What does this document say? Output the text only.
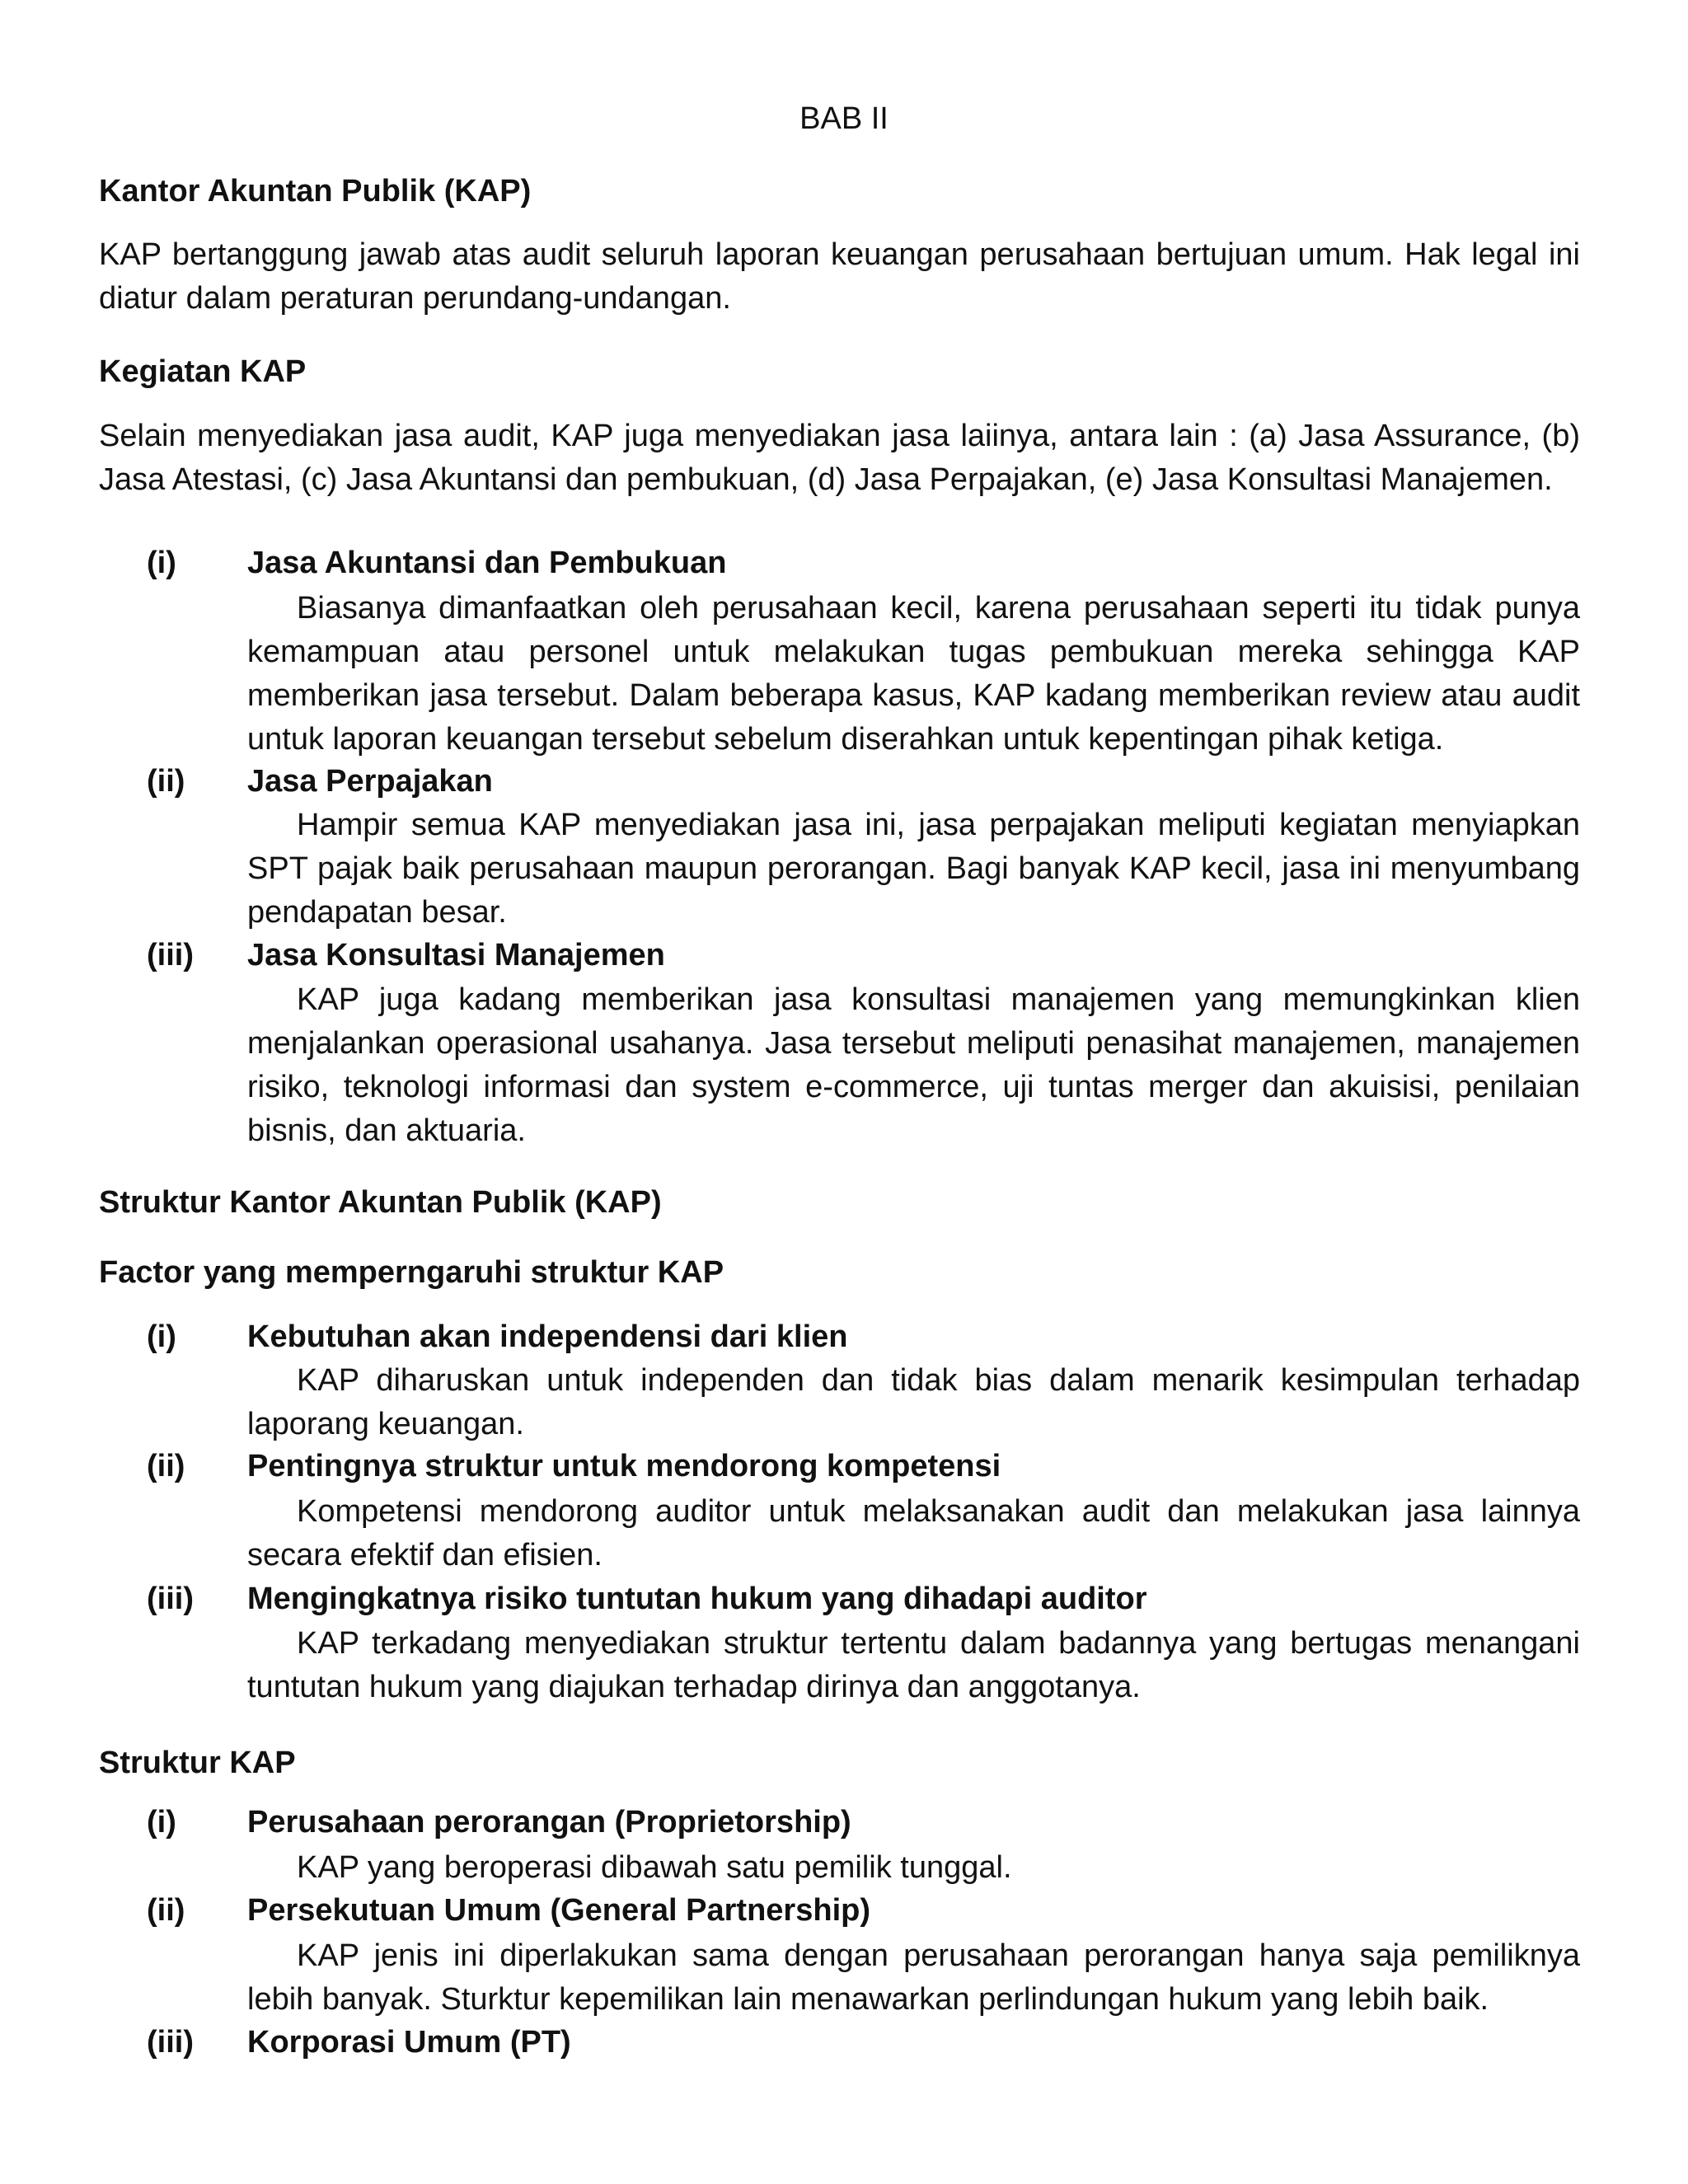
BAB II
Kantor Akuntan Publik (KAP)
KAP bertanggung jawab atas audit seluruh laporan keuangan perusahaan bertujuan umum. Hak legal ini diatur dalam peraturan perundang-undangan.
Kegiatan KAP
Selain menyediakan jasa audit, KAP juga menyediakan jasa laiinya, antara lain : (a) Jasa Assurance, (b) Jasa Atestasi, (c) Jasa Akuntansi dan pembukuan, (d) Jasa Perpajakan, (e) Jasa Konsultasi Manajemen.
(i) Jasa Akuntansi dan Pembukuan
Biasanya dimanfaatkan oleh perusahaan kecil, karena perusahaan seperti itu tidak punya kemampuan atau personel untuk melakukan tugas pembukuan mereka sehingga KAP memberikan jasa tersebut. Dalam beberapa kasus, KAP kadang memberikan review atau audit untuk laporan keuangan tersebut sebelum diserahkan untuk kepentingan pihak ketiga.
(ii) Jasa Perpajakan
Hampir semua KAP menyediakan jasa ini, jasa perpajakan meliputi kegiatan menyiapkan SPT pajak baik perusahaan maupun perorangan. Bagi banyak KAP kecil, jasa ini menyumbang pendapatan besar.
(iii) Jasa Konsultasi Manajemen
KAP juga kadang memberikan jasa konsultasi manajemen yang memungkinkan klien menjalankan operasional usahanya. Jasa tersebut meliputi penasihat manajemen, manajemen risiko, teknologi informasi dan system e-commerce, uji tuntas merger dan akuisisi, penilaian bisnis, dan aktuaria.
Struktur Kantor Akuntan Publik (KAP)
Factor yang memperngaruhi struktur KAP
(i) Kebutuhan akan independensi dari klien
KAP diharuskan untuk independen dan tidak bias dalam menarik kesimpulan terhadap laporang keuangan.
(ii) Pentingnya struktur untuk mendorong kompetensi
Kompetensi mendorong auditor untuk melaksanakan audit dan melakukan jasa lainnya secara efektif dan efisien.
(iii) Mengingkatnya risiko tuntutan hukum yang dihadapi auditor
KAP terkadang menyediakan struktur tertentu dalam badannya yang bertugas menangani tuntutan hukum yang diajukan terhadap dirinya dan anggotanya.
Struktur KAP
(i) Perusahaan perorangan (Proprietorship)
KAP yang beroperasi dibawah satu pemilik tunggal.
(ii) Persekutuan Umum (General Partnership)
KAP jenis ini diperlakukan sama dengan perusahaan perorangan hanya saja pemiliknya lebih banyak. Sturktur kepemilikan lain menawarkan perlindungan hukum yang lebih baik.
(iii) Korporasi Umum (PT)
